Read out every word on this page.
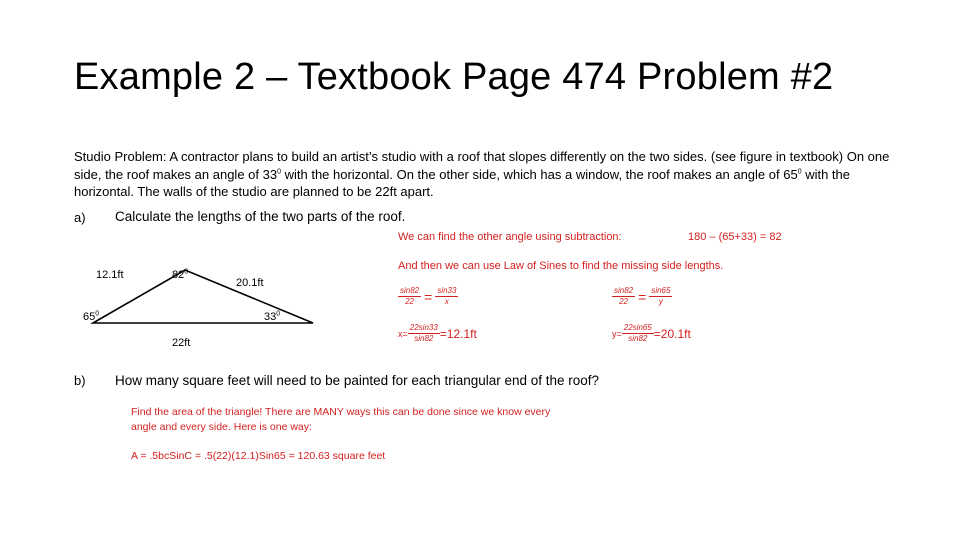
Example 2 – Textbook Page 474 Problem #2
Studio Problem: A contractor plans to build an artist’s studio with a roof that slopes differently on the two sides. (see figure in textbook) On one side, the roof makes an angle of $33^0$ with the horizontal. On the other side, which has a window, the roof makes an angle of $65^0$ with the horizontal. The walls of the studio are planned to be 22ft apart.
a) Calculate the lengths of the two parts of the roof.
12.1ft	$82^0$
20.1ft
$65^0$	$33^0$
22ft
We can find the other angle using subtraction:	180 – (65+33) = 82
And then we can use Law of Sines to find the missing side lengths.
$\frac{\sin 82}{22} = \frac{\sin 33}{x}$	$\frac{\sin 82}{22} = \frac{\sin 65}{y}$
$x= \frac{22\sin 33}{\sin 82} =12.1ft$	$y= \frac{22\sin 65}{\sin 82} =20.1ft$
b) How many square feet will need to be painted for each triangular end of the roof?
Find the area of the triangle! There are MANY ways this can be done since we know every
angle and every side. Here is one way:
A = .5bcSinC = .5(22)(12.1)Sin65 = 120.63 square feet
